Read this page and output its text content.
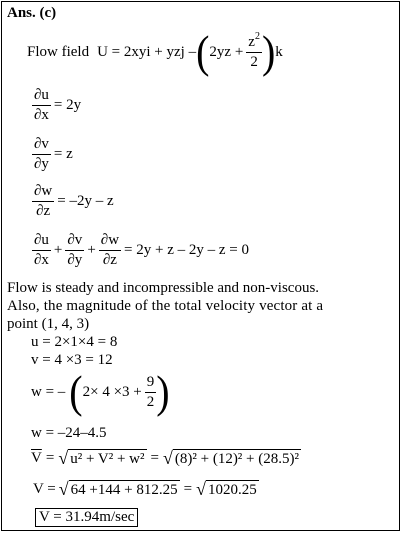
Ans. (c)
Flow field U = 2xyi + yzj – ( $2yz + \frac{z^2}{2}$ ) k
$\frac{\partial u}{\partial x} = 2y$
$\frac{\partial v}{\partial y} = z$
$\frac{\partial w}{\partial z} = -2y - z$
$\frac{\partial u}{\partial x} + \frac{\partial v}{\partial y} + \frac{\partial w}{\partial z} = 2y + z - 2y - z = 0$
Flow is steady and incompressible and non-viscous.
Also, the magnitude of the total velocity vector at a
point (1, 4, 3)
u = 2×1×4 = 8
v = 4 ×3 = 12
w = – ( $2\times 4 \times 3 + \frac{9}{2}$ )
w = –24–4.5
$\overline{V}$ = √ u² + V² + w² = √ (8)² + (12)² + (28.5)²
V = √ 64 +144 + 812.25 = √ 1020.25
V = 31.94m/sec
